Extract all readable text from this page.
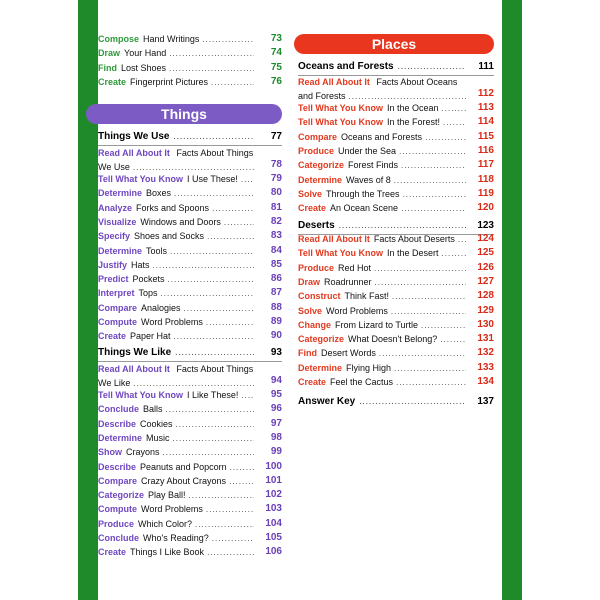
Things
Compose Hand Writings .....	73
Draw Your Hand .....	74
Find Lost Shoes .....	75
Create Fingerprint Pictures .....	76
Things We Use .....	77
Read All About It Facts About Things
We Use .....	78
Tell What You Know I Use These! .....	79
Determine Boxes .....	80
Analyze Forks and Spoons .....	81
Visualize Windows and Doors .....	82
Specify Shoes and Socks .....	83
Determine Tools .....	84
Justify Hats .....	85
Predict Pockets .....	86
Interpret Tops .....	87
Compare Analogies .....	88
Compute Word Problems .....	89
Create Paper Hat .....	90
Things We Like .....	93
Read All About It Facts About Things
We Like .....	94
Tell What You Know I Like These! .....	95
Conclude Balls .....	96
Describe Cookies .....	97
Determine Music .....	98
Show Crayons .....	99
Describe Peanuts and Popcorn .....	100
Compare Crazy About Crayons .....	101
Categorize Play Ball! .....	102
Compute Word Problems .....	103
Produce Which Color? .....	104
Conclude Who's Reading? .....	105
Create Things I Like Book .....	106
Places
Oceans and Forests .....	111
Read All About It Facts About Oceans
and Forests .....	112
Tell What You Know In the Ocean .....	113
Tell What You Know In the Forest! .....	114
Compare Oceans and Forests .....	115
Produce Under the Sea .....	116
Categorize Forest Finds .....	117
Determine Waves of 8 .....	118
Solve Through the Trees .....	119
Create An Ocean Scene .....	120
Deserts .....	123
Read All About It Facts About Deserts ..... 124
Tell What You Know In the Desert .....	125
Produce Red Hot .....	126
Draw Roadrunner .....	127
Construct Think Fast! .....	128
Solve Word Problems .....	129
Change From Lizard to Turtle .....	130
Categorize What Doesn't Belong? .....	131
Find Desert Words .....	132
Determine Flying High .....	133
Create Feel the Cactus .....	134
Answer Key .....	137
